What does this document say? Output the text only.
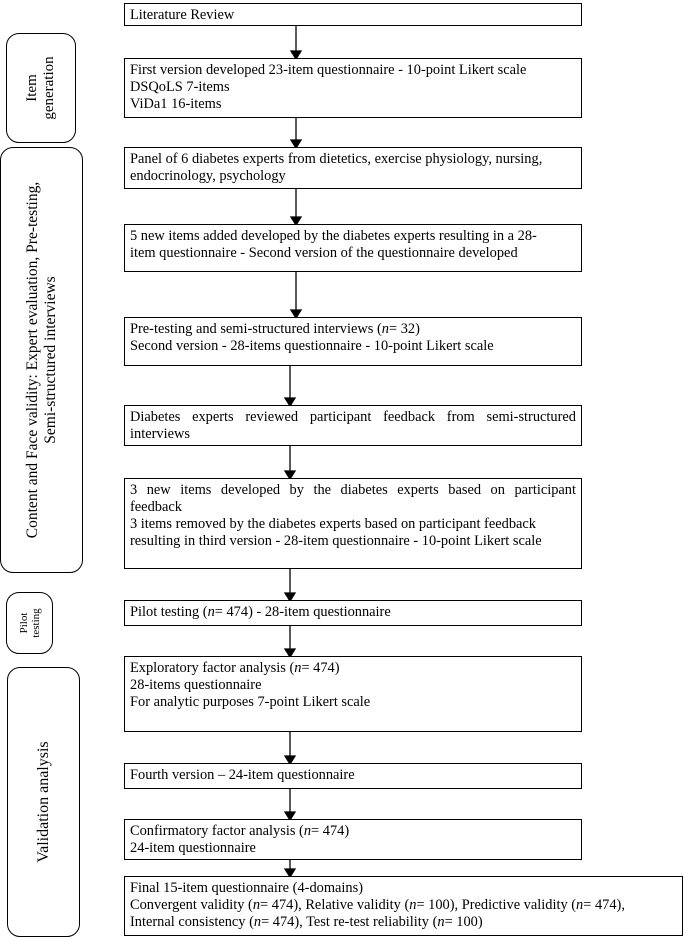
Item generation
Content and Face validity: Expert evaluation, Pre-testing, Semi-structured interviews
Pilot testing
Validation analysis
Literature Review
First version developed 23-item questionnaire - 10-point Likert scale
DSQoLS 7-items
ViDa1 16-items
Panel of 6 diabetes experts from dietetics, exercise physiology, nursing,
endocrinology, psychology
5 new items added developed by the diabetes experts resulting in a 28-
item questionnaire - Second version of the questionnaire developed
Pre-testing and semi-structured interviews (n= 32)
Second version - 28-items questionnaire - 10-point Likert scale
Diabetes experts reviewed participant feedback from semi-structured
interviews
3 new items developed by the diabetes experts based on participant
feedback
3 items removed by the diabetes experts based on participant feedback
resulting in third version - 28-item questionnaire - 10-point Likert scale
Pilot testing (n= 474) - 28-item questionnaire
Exploratory factor analysis (n= 474)
28-items questionnaire
For analytic purposes 7-point Likert scale
Fourth version – 24-item questionnaire
Confirmatory factor analysis (n= 474)
24-item questionnaire
Final 15-item questionnaire (4-domains)
Convergent validity (n= 474), Relative validity (n= 100), Predictive validity (n= 474),
Internal consistency (n= 474), Test re-test reliability (n= 100)
